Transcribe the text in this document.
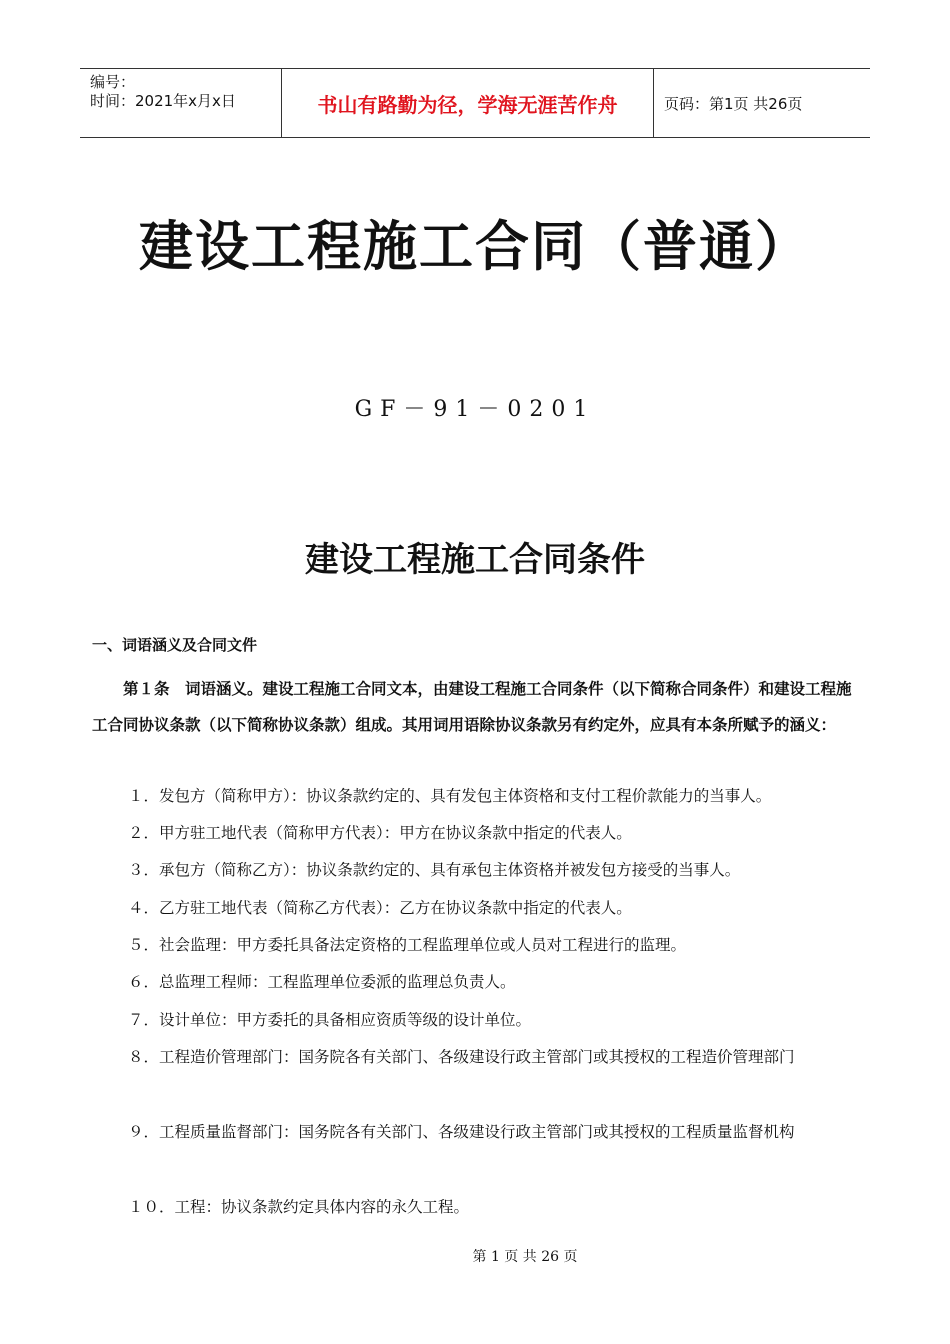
编号：
时间：2021年x月x日	书山有路勤为径，学海无涯苦作舟	页码：第1页 共26页
建设工程施工合同（普通）
GF－91－0201
建设工程施工合同条件
一、词语涵义及合同文件
第１条　词语涵义。建设工程施工合同文本，由建设工程施工合同条件（以下简称合同条件）和建设工程施工合同协议条款（以下简称协议条款）组成。其用词用语除协议条款另有约定外，应具有本条所赋予的涵义：
１．发包方（简称甲方）：协议条款约定的、具有发包主体资格和支付工程价款能力的当事人。
２．甲方驻工地代表（简称甲方代表）：甲方在协议条款中指定的代表人。
３．承包方（简称乙方）：协议条款约定的、具有承包主体资格并被发包方接受的当事人。
４．乙方驻工地代表（简称乙方代表）：乙方在协议条款中指定的代表人。
５．社会监理：甲方委托具备法定资格的工程监理单位或人员对工程进行的监理。
６．总监理工程师：工程监理单位委派的监理总负责人。
７．设计单位：甲方委托的具备相应资质等级的设计单位。
８．工程造价管理部门：国务院各有关部门、各级建设行政主管部门或其授权的工程造价管理部门
９．工程质量监督部门：国务院各有关部门、各级建设行政主管部门或其授权的工程质量监督机构
１０．工程：协议条款约定具体内容的永久工程。
第 1 页 共 26 页
